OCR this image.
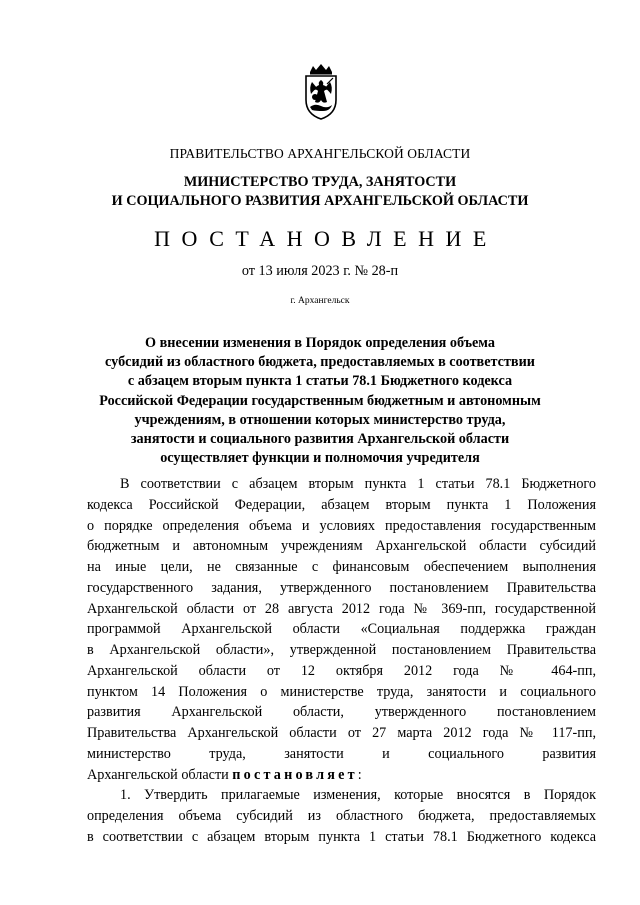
ПРАВИТЕЛЬСТВО АРХАНГЕЛЬСКОЙ ОБЛАСТИ
МИНИСТЕРСТВО ТРУДА, ЗАНЯТОСТИ
И СОЦИАЛЬНОГО РАЗВИТИЯ АРХАНГЕЛЬСКОЙ ОБЛАСТИ
ПОСТАНОВЛЕНИЕ
от 13 июля 2023 г. № 28-п
г. Архангельск
О внесении изменения в Порядок определения объема
субсидий из областного бюджета, предоставляемых в соответствии
с абзацем вторым пункта 1 статьи 78.1 Бюджетного кодекса
Российской Федерации государственным бюджетным и автономным
учреждениям, в отношении которых министерство труда,
занятости и социального развития Архангельской области
осуществляет функции и полномочия учредителя
В соответствии с абзацем вторым пункта 1 статьи 78.1 Бюджетного
кодекса Российской Федерации, абзацем вторым пункта 1 Положения
о порядке определения объема и условиях предоставления государственным
бюджетным и автономным учреждениям Архангельской области субсидий
на иные цели, не связанные с финансовым обеспечением выполнения
государственного задания, утвержденного постановлением Правительства
Архангельской области от 28 августа 2012 года № 369-пп, государственной
программой Архангельской области «Социальная поддержка граждан
в Архангельской области», утвержденной постановлением Правительства
Архангельской области от 12 октября 2012 года № 464-пп,
пунктом 14 Положения о министерстве труда, занятости и социального
развития Архангельской области, утвержденного постановлением
Правительства Архангельской области от 27 марта 2012 года № 117-пп,
министерство труда, занятости и социального развития
Архангельской области постановляет:
1. Утвердить прилагаемые изменения, которые вносятся в Порядок
определения объема субсидий из областного бюджета, предоставляемых
в соответствии с абзацем вторым пункта 1 статьи 78.1 Бюджетного кодекса
